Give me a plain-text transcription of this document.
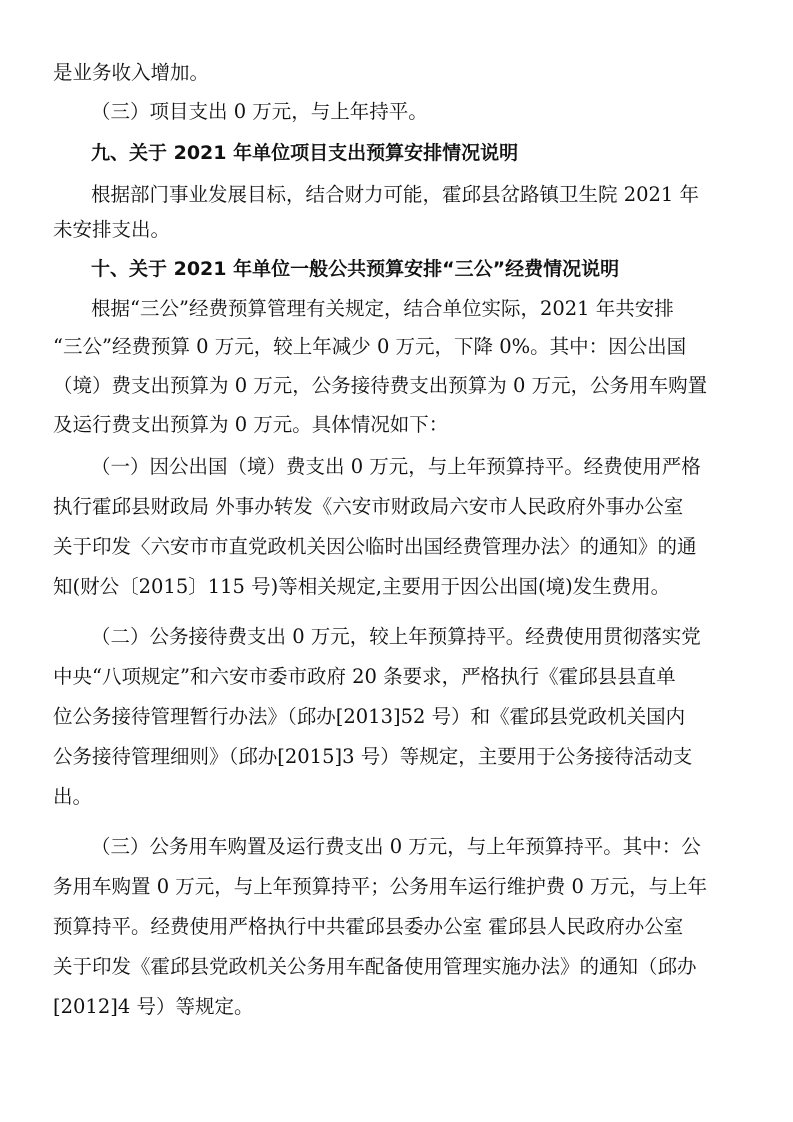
是业务收入增加。
（三）项目支出 0 万元，与上年持平。
九、关于 2021 年单位项目支出预算安排情况说明
根据部门事业发展目标，结合财力可能，霍邱县岔路镇卫生院 2021 年
未安排支出。
十、关于 2021 年单位一般公共预算安排“三公”经费情况说明
根据“三公”经费预算管理有关规定，结合单位实际，2021 年共安排
“三公”经费预算 0 万元，较上年减少 0 万元，下降 0%。其中：因公出国
（境）费支出预算为 0 万元，公务接待费支出预算为 0 万元，公务用车购置
及运行费支出预算为 0 万元。具体情况如下：
（一）因公出国（境）费支出 0 万元，与上年预算持平。经费使用严格
执行霍邱县财政局 外事办转发《六安市财政局六安市人民政府外事办公室
关于印发〈六安市市直党政机关因公临时出国经费管理办法〉的通知》的通
知(财公〔2015〕115 号)等相关规定,主要用于因公出国(境)发生费用。
（二）公务接待费支出 0 万元，较上年预算持平。经费使用贯彻落实党
中央“八项规定”和六安市委市政府 20 条要求，严格执行《霍邱县县直单
位公务接待管理暂行办法》（邱办[2013]52 号）和《霍邱县党政机关国内
公务接待管理细则》（邱办[2015]3 号）等规定，主要用于公务接待活动支
出。
（三）公务用车购置及运行费支出 0 万元，与上年预算持平。其中：公
务用车购置 0 万元，与上年预算持平；公务用车运行维护费 0 万元，与上年
预算持平。经费使用严格执行中共霍邱县委办公室 霍邱县人民政府办公室
关于印发《霍邱县党政机关公务用车配备使用管理实施办法》的通知（邱办
[2012]4 号）等规定。
